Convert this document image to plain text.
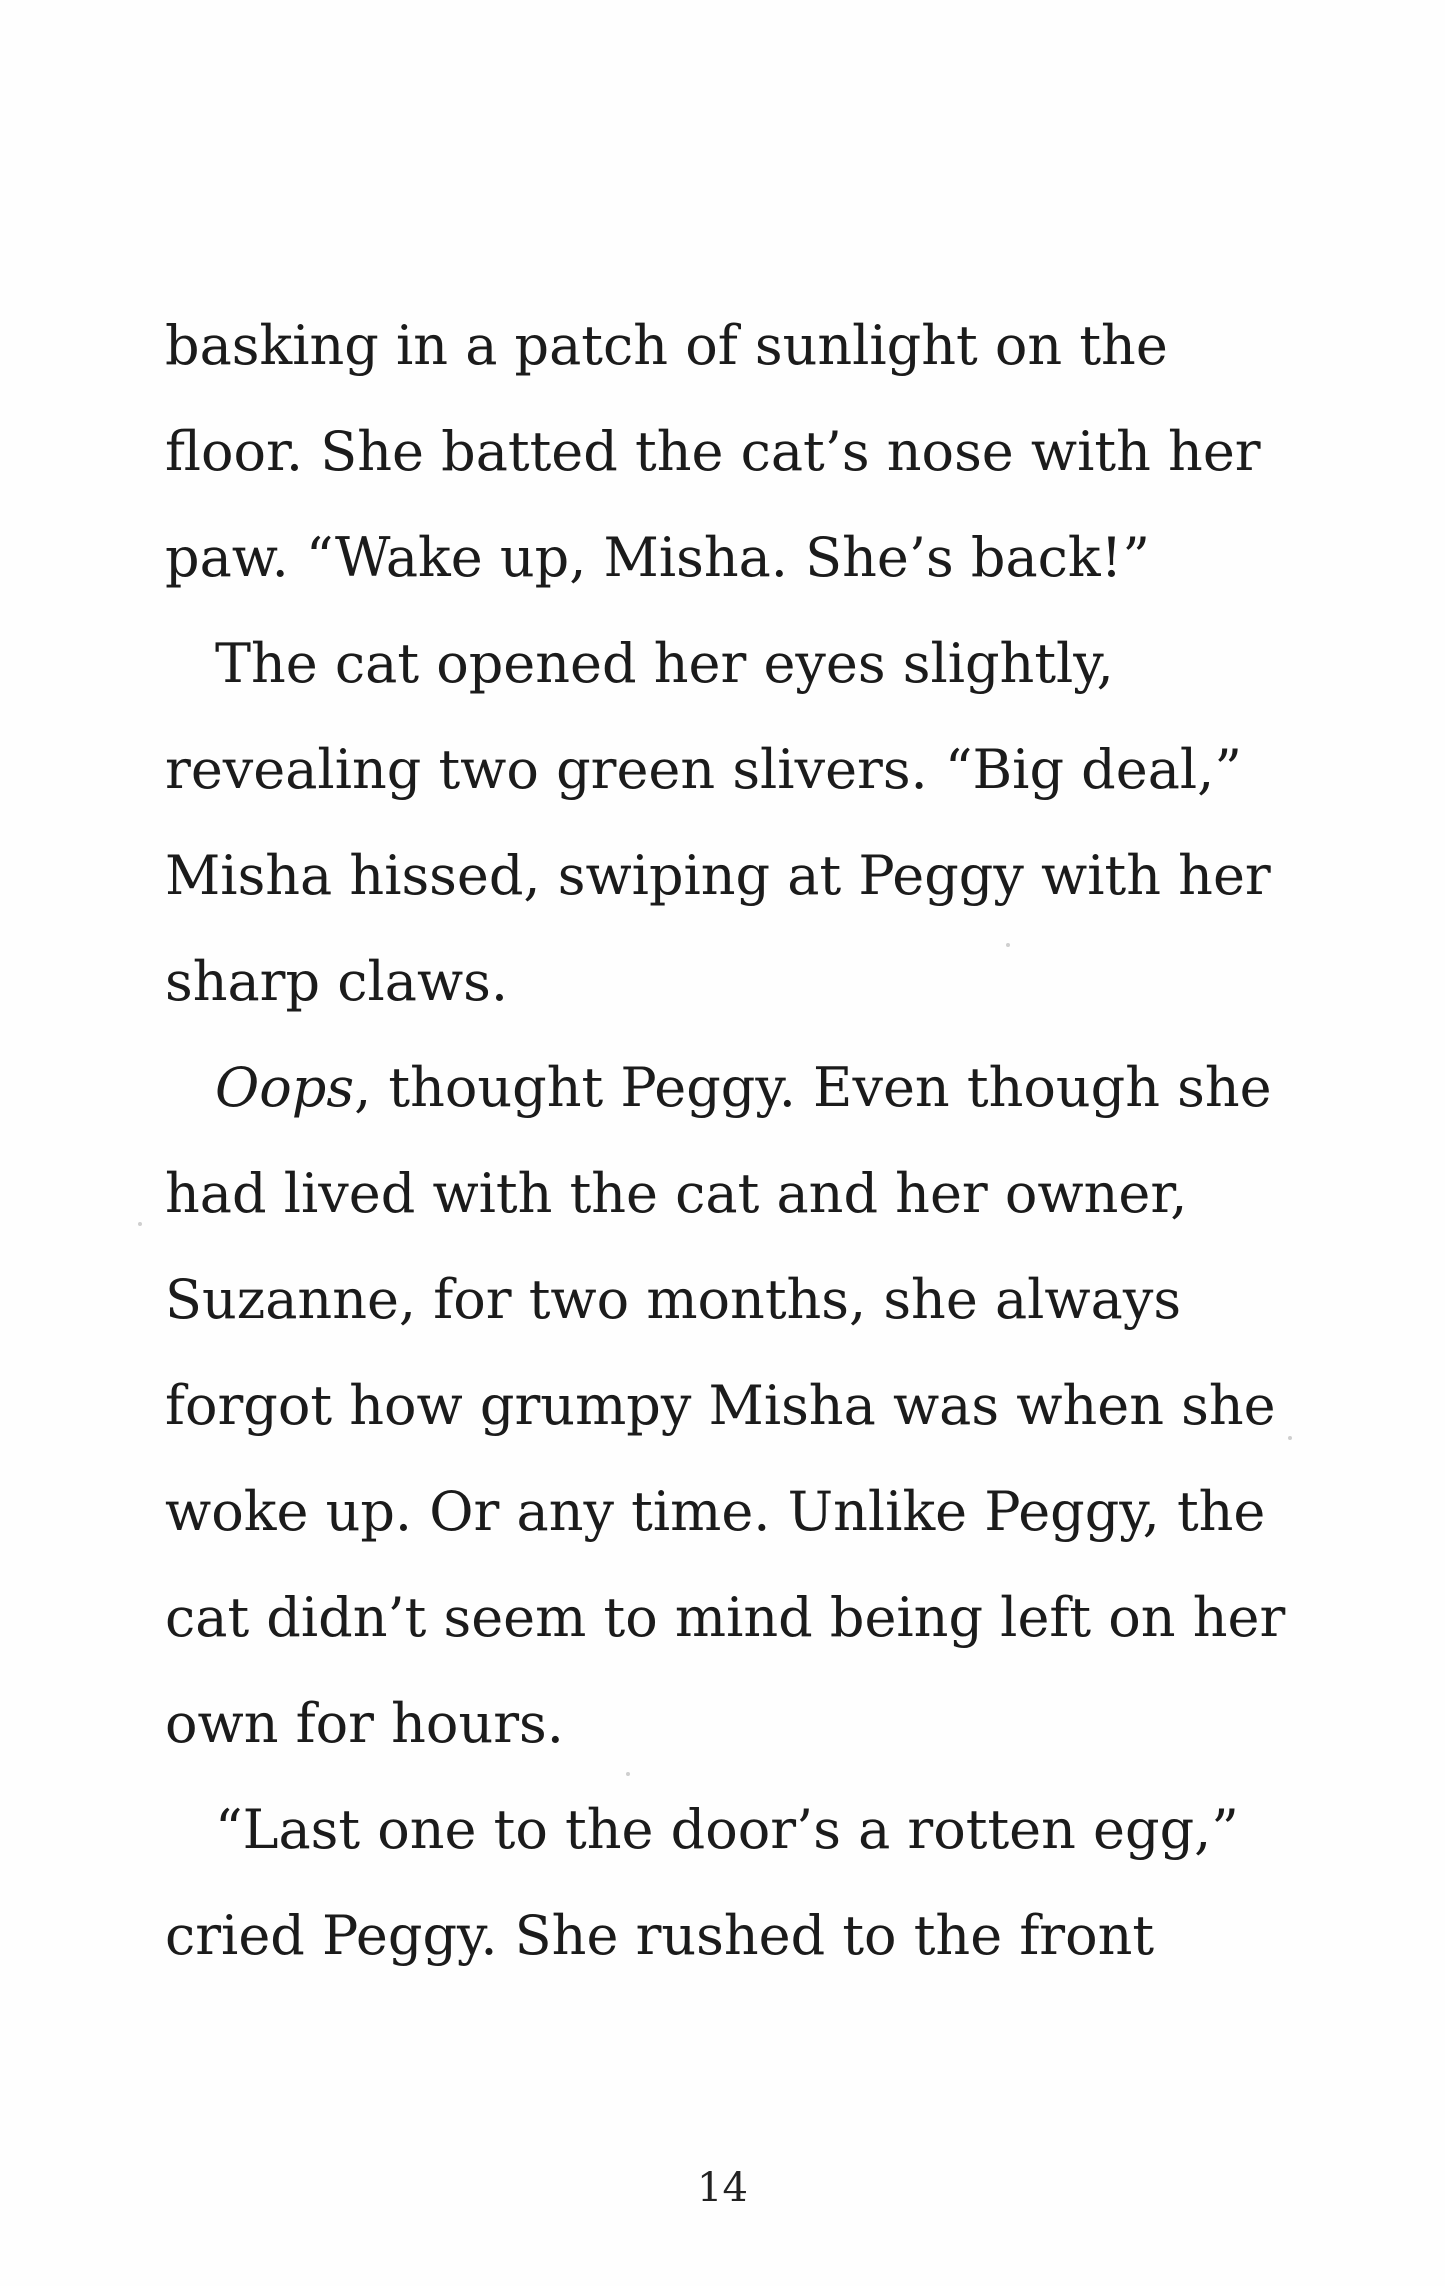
basking in a patch of sunlight on the
floor. She batted the cat’s nose with her
paw. “Wake up, Misha. She’s back!”
The cat opened her eyes slightly,
revealing two green slivers. “Big deal,”
Misha hissed, swiping at Peggy with her
sharp claws.
Oops, thought Peggy. Even though she
had lived with the cat and her owner,
Suzanne, for two months, she always
forgot how grumpy Misha was when she
woke up. Or any time. Unlike Peggy, the
cat didn’t seem to mind being left on her
own for hours.
“Last one to the door’s a rotten egg,”
cried Peggy. She rushed to the front
14
